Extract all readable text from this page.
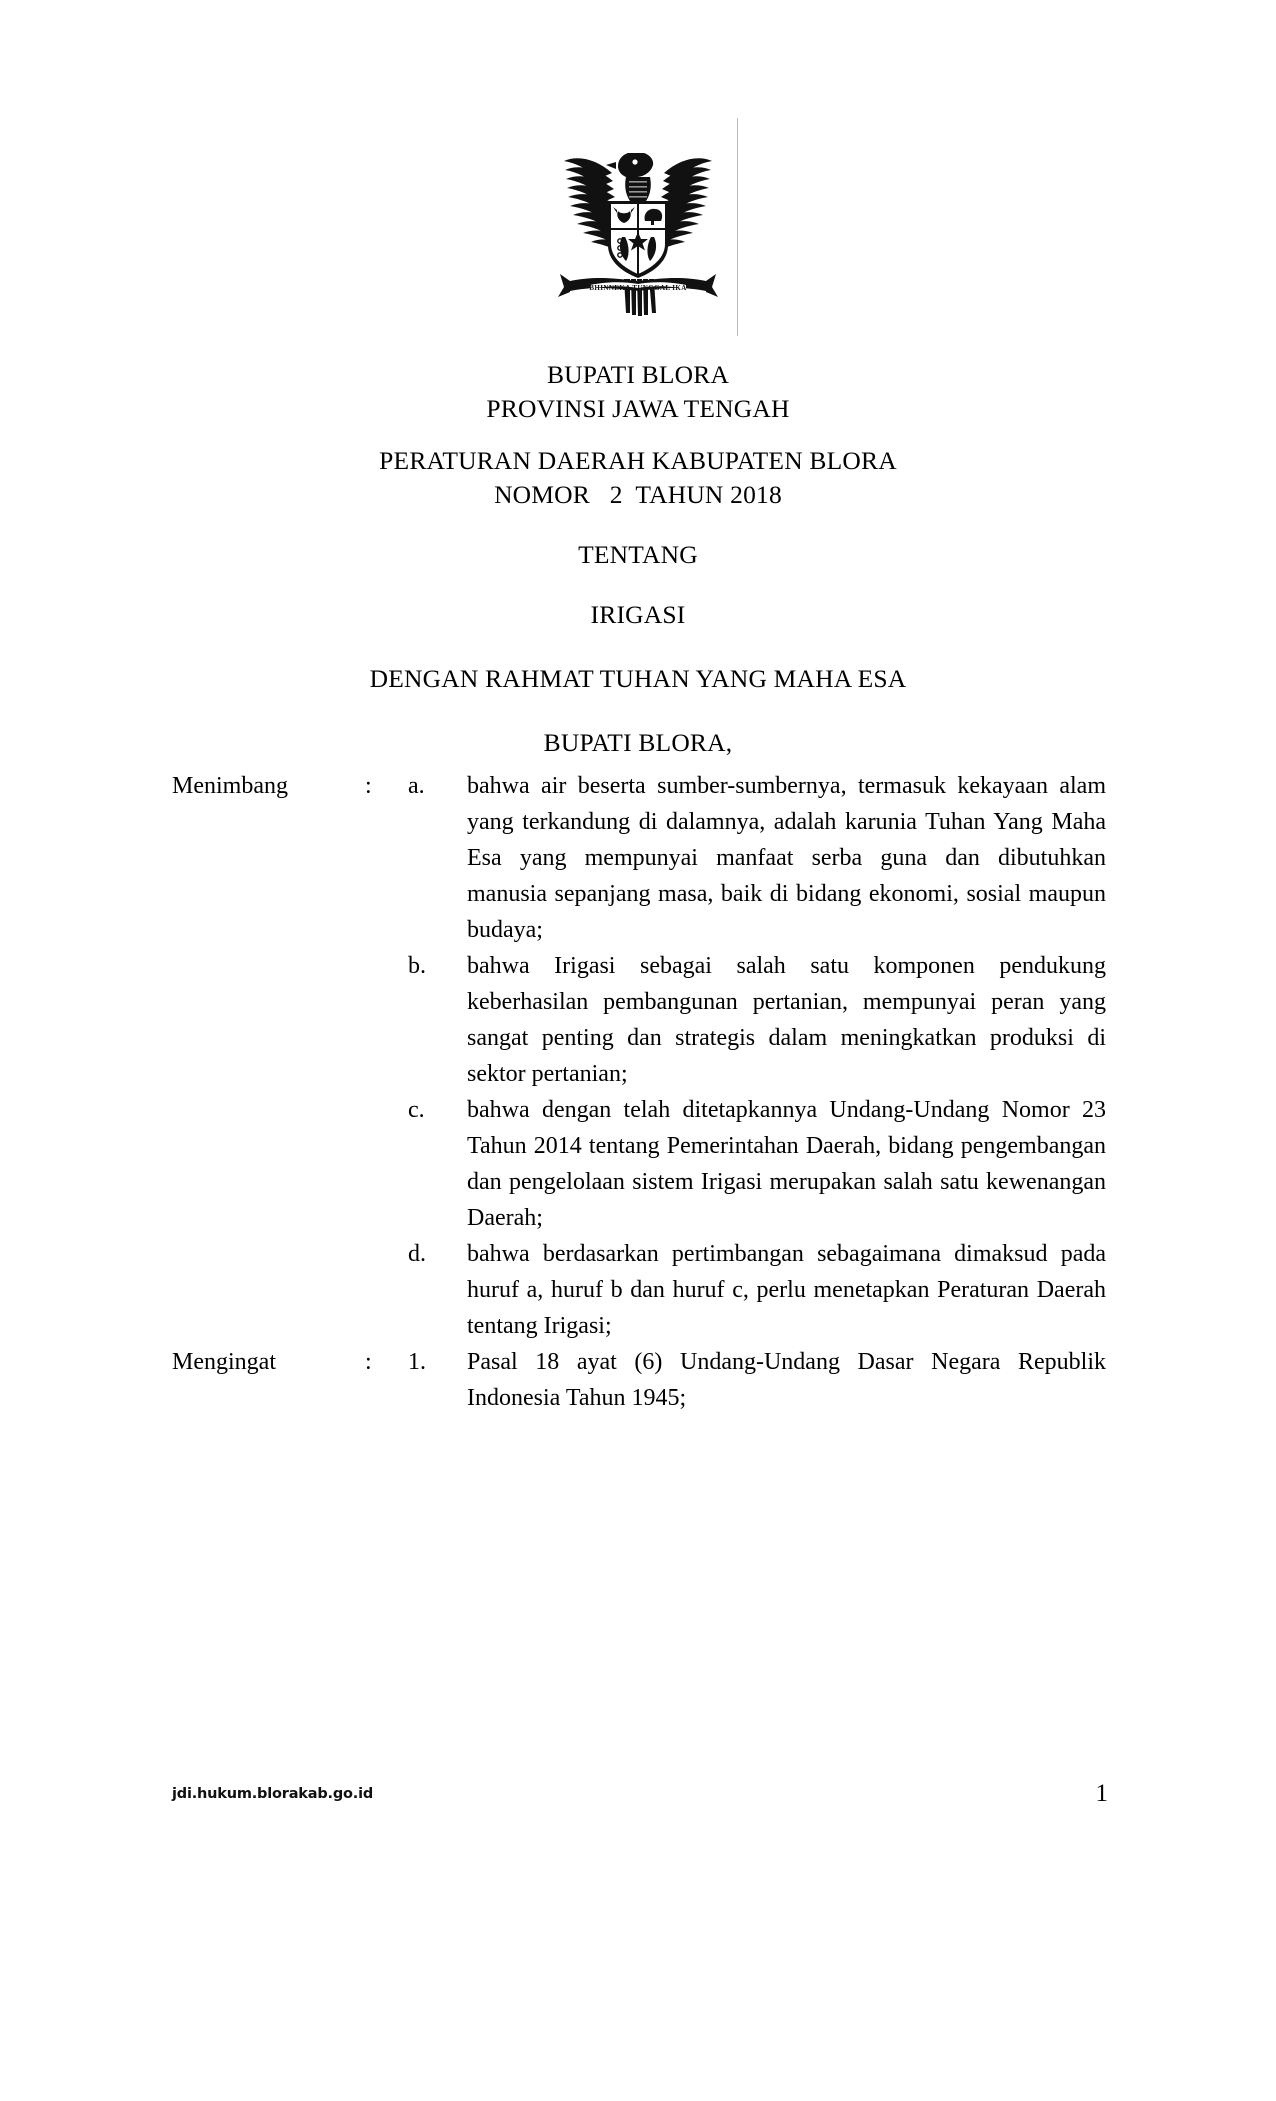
BHINNEKA TUNGGAL IKA
BUPATI BLORA
PROVINSI JAWA TENGAH
PERATURAN DAERAH KABUPATEN BLORA
NOMOR   2  TAHUN 2018
TENTANG
IRIGASI
DENGAN RAHMAT TUHAN YANG MAHA ESA
BUPATI BLORA,
Menimbang	:	a.	bahwa air beserta sumber-sumbernya, termasuk kekayaan alam yang terkandung di dalamnya, adalah karunia Tuhan Yang Maha Esa yang mempunyai manfaat serba guna dan dibutuhkan manusia sepanjang masa, baik di bidang ekonomi, sosial maupun budaya;
b.	bahwa Irigasi sebagai salah satu komponen pendukung keberhasilan pembangunan pertanian, mempunyai peran yang sangat penting dan strategis dalam meningkatkan produksi di sektor pertanian;
c.	bahwa dengan telah ditetapkannya Undang-Undang Nomor 23 Tahun 2014 tentang Pemerintahan Daerah, bidang pengembangan dan pengelolaan sistem Irigasi merupakan salah satu kewenangan Daerah;
d.	bahwa berdasarkan pertimbangan sebagaimana dimaksud pada huruf a, huruf b dan huruf c, perlu menetapkan Peraturan Daerah tentang Irigasi;
Mengingat	:	1.	Pasal 18 ayat (6) Undang-Undang Dasar Negara Republik Indonesia Tahun 1945;
jdi.hukum.blorakab.go.id	1
